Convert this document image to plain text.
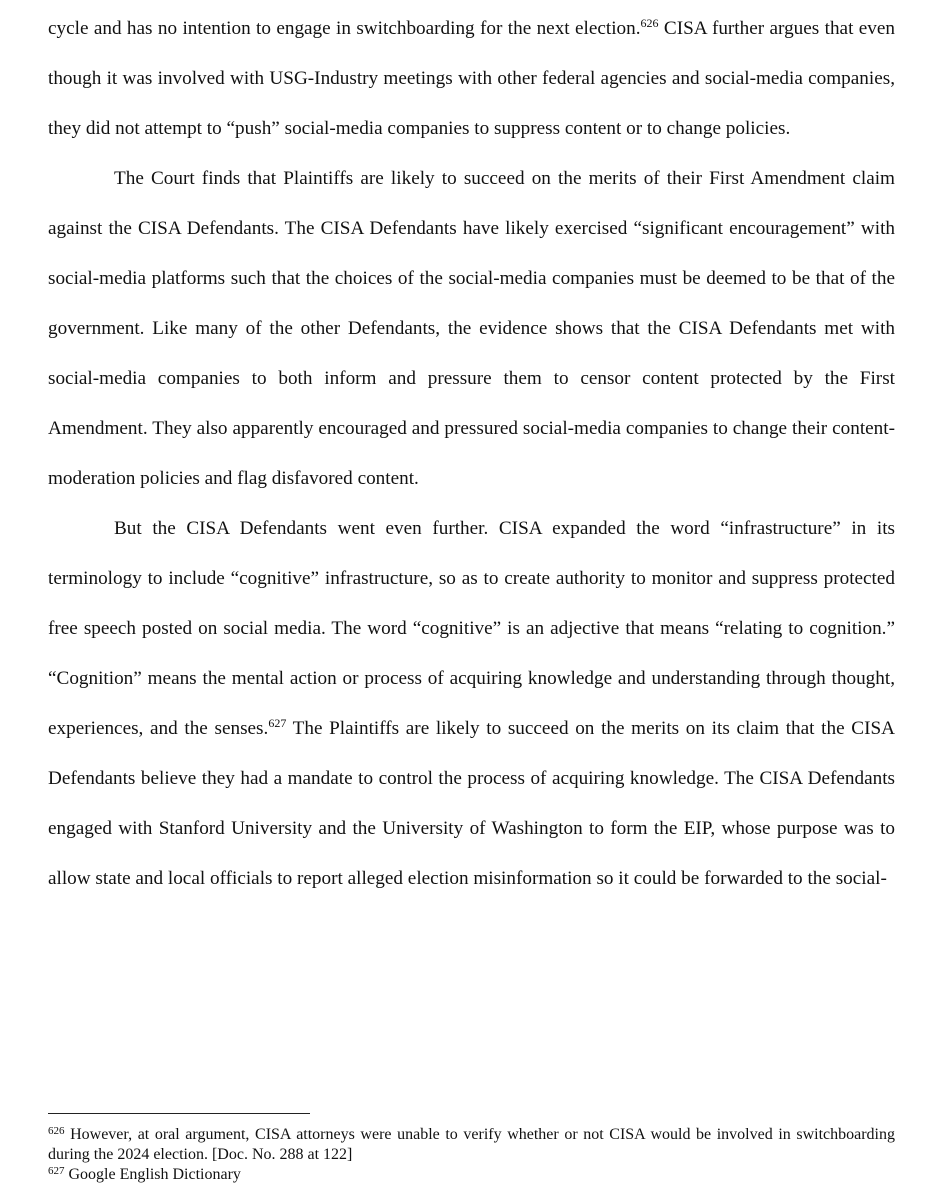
cycle and has no intention to engage in switchboarding for the next election.$^{626}$ CISA further argues that even though it was involved with USG-Industry meetings with other federal agencies and social-media companies, they did not attempt to “push” social-media companies to suppress content or to change policies.

The Court finds that Plaintiffs are likely to succeed on the merits of their First Amendment claim against the CISA Defendants. The CISA Defendants have likely exercised “significant encouragement” with social-media platforms such that the choices of the social-media companies must be deemed to be that of the government. Like many of the other Defendants, the evidence shows that the CISA Defendants met with social-media companies to both inform and pressure them to censor content protected by the First Amendment. They also apparently encouraged and pressured social-media companies to change their content-moderation policies and flag disfavored content.

But the CISA Defendants went even further. CISA expanded the word “infrastructure” in its terminology to include “cognitive” infrastructure, so as to create authority to monitor and suppress protected free speech posted on social media. The word “cognitive” is an adjective that means “relating to cognition.” “Cognition” means the mental action or process of acquiring knowledge and understanding through thought, experiences, and the senses.$^{627}$ The Plaintiffs are likely to succeed on the merits on its claim that the CISA Defendants believe they had a mandate to control the process of acquiring knowledge. The CISA Defendants engaged with Stanford University and the University of Washington to form the EIP, whose purpose was to allow state and local officials to report alleged election misinformation so it could be forwarded to the social-

$^{626}$ However, at oral argument, CISA attorneys were unable to verify whether or not CISA would be involved in switchboarding during the 2024 election. [Doc. No. 288 at 122]

$^{627}$ Google English Dictionary
